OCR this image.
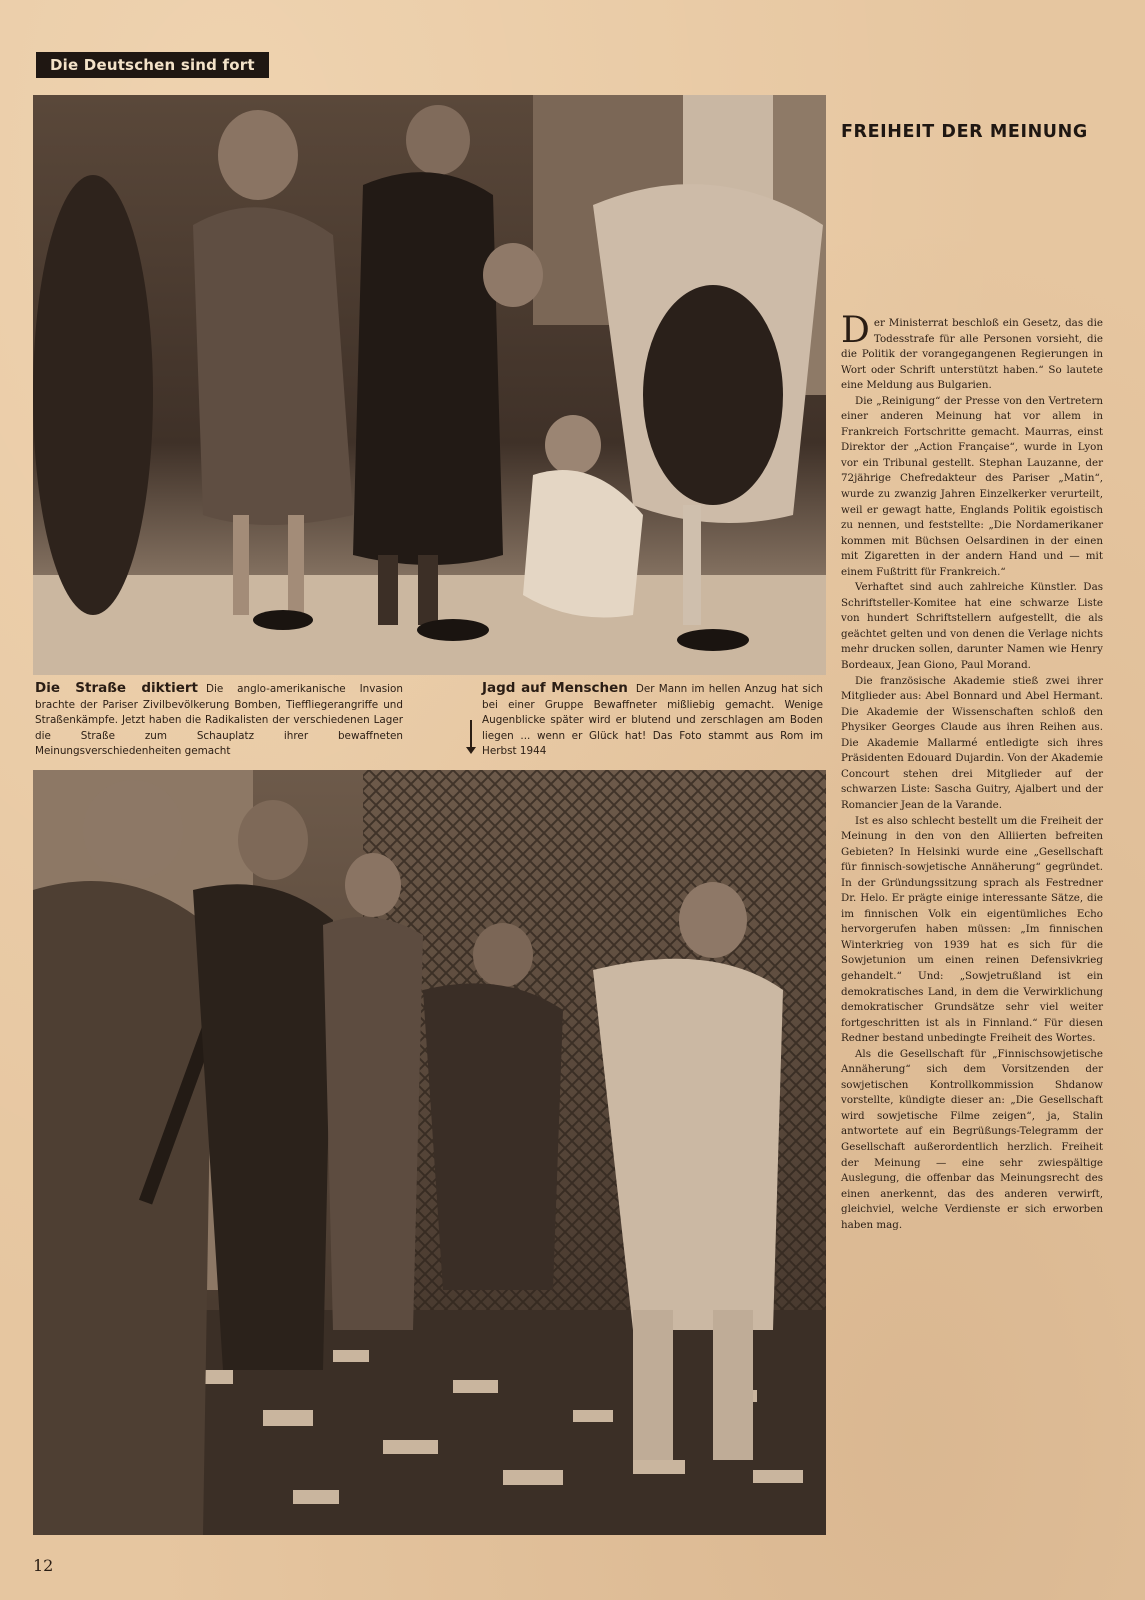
Die Deutschen sind fort
Die Straße diktiert Die anglo-amerikanische Invasion brachte der Pariser Zivilbevölkerung Bomben, Tieffliegerangriffe und Straßenkämpfe. Jetzt haben die Radikalisten der verschiedenen Lager die Straße zum Schauplatz ihrer bewaffneten Meinungsverschiedenheiten gemacht
Jagd auf Menschen Der Mann im hellen Anzug hat sich bei einer Gruppe Bewaffneter mißliebig gemacht. Wenige Augenblicke später wird er blutend und zerschlagen am Boden liegen ... wenn er Glück hat! Das Foto stammt aus Rom im Herbst 1944
FREIHEIT DER MEINUNG

Der Ministerrat beschloß ein Gesetz, das die Todesstrafe für alle Personen vorsieht, die die Politik der vorangegangenen Regierungen in Wort oder Schrift unterstützt haben.“ So lautete eine Meldung aus Bulgarien.

Die „Reinigung“ der Presse von den Vertretern einer anderen Meinung hat vor allem in Frankreich Fortschritte gemacht. Maurras, einst Direktor der „Action Française“, wurde in Lyon vor ein Tribunal gestellt. Stephan Lauzanne, der 72jährige Chefredakteur des Pariser „Matin“, wurde zu zwanzig Jahren Einzelkerker verurteilt, weil er gewagt hatte, Englands Politik egoistisch zu nennen, und feststellte: „Die Nordamerikaner kommen mit Büchsen Oelsardinen in der einen mit Zigaretten in der andern Hand und — mit einem Fußtritt für Frankreich.“

Verhaftet sind auch zahlreiche Künstler. Das Schriftsteller-Komitee hat eine schwarze Liste von hundert Schriftstellern aufgestellt, die als geächtet gelten und von denen die Verlage nichts mehr drucken sollen, darunter Namen wie Henry Bordeaux, Jean Giono, Paul Morand.

Die französische Akademie stieß zwei ihrer Mitglieder aus: Abel Bonnard und Abel Hermant. Die Akademie der Wissenschaften schloß den Physiker Georges Claude aus ihren Reihen aus. Die Akademie Mallarmé entledigte sich ihres Präsidenten Edouard Dujardin. Von der Akademie Concourt stehen drei Mitglieder auf der schwarzen Liste: Sascha Guitry, Ajalbert und der Romancier Jean de la Varande.

Ist es also schlecht bestellt um die Freiheit der Meinung in den von den Alliierten befreiten Gebieten? In Helsinki wurde eine „Gesellschaft für finnisch-sowjetische Annäherung“ gegründet. In der Gründungssitzung sprach als Festredner Dr. Helo. Er prägte einige interessante Sätze, die im finnischen Volk ein eigentümliches Echo hervorgerufen haben müssen: „Im finnischen Winterkrieg von 1939 hat es sich für die Sowjetunion um einen reinen Defensivkrieg gehandelt.“ Und: „Sowjetrußland ist ein demokratisches Land, in dem die Verwirklichung demokratischer Grundsätze sehr viel weiter fortgeschritten ist als in Finnland.“ Für diesen Redner bestand unbedingte Freiheit des Wortes.

Als die Gesellschaft für „Finnischsowjetische Annäherung“ sich dem Vorsitzenden der sowjetischen Kontrollkommission Shdanow vorstellte, kündigte dieser an: „Die Gesellschaft wird sowjetische Filme zeigen“, ja, Stalin antwortete auf ein Begrüßungs-Telegramm der Gesellschaft außerordentlich herzlich. Freiheit der Meinung — eine sehr zwiespältige Auslegung, die offenbar das Meinungsrecht des einen anerkennt, das des anderen verwirft, gleichviel, welche Verdienste er sich erworben haben mag.

12
